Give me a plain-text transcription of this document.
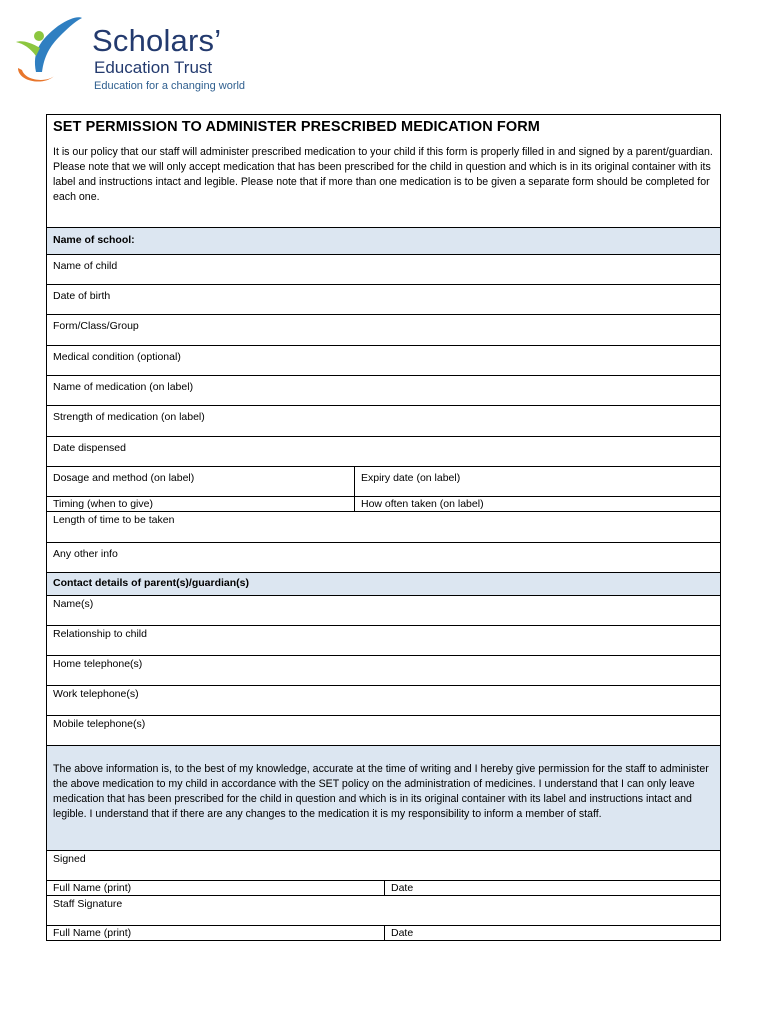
Scholars’
Education Trust
Education for a changing world
SET PERMISSION TO ADMINISTER PRESCRIBED MEDICATION FORM

It is our policy that our staff will administer prescribed medication to your child if this form is properly filled in and signed by a parent/guardian. Please note that we will only accept medication that has been prescribed for the child in question and which is in its original container with its label and instructions intact and legible. Please note that if more than one medication is to be given a separate form should be completed for each one.

Name of school:
Name of child
Date of birth
Form/Class/Group
Medical condition (optional)
Name of medication (on label)
Strength of medication (on label)
Date dispensed
Dosage and method (on label)	Expiry date (on label)
Timing (when to give)	How often taken (on label)
Length of time to be taken
Any other info
Contact details of parent(s)/guardian(s)
Name(s)
Relationship to child
Home telephone(s)
Work telephone(s)
Mobile telephone(s)

The above information is, to the best of my knowledge, accurate at the time of writing and I hereby give permission for the staff to administer the above medication to my child in accordance with the SET policy on the administration of medicines. I understand that I can only leave medication that has been prescribed for the child in question and which is in its original container with its label and instructions intact and legible. I understand that if there are any changes to the medication it is my responsibility to inform a member of staff.

Signed
Full Name (print)	Date
Staff Signature
Full Name (print)	Date
